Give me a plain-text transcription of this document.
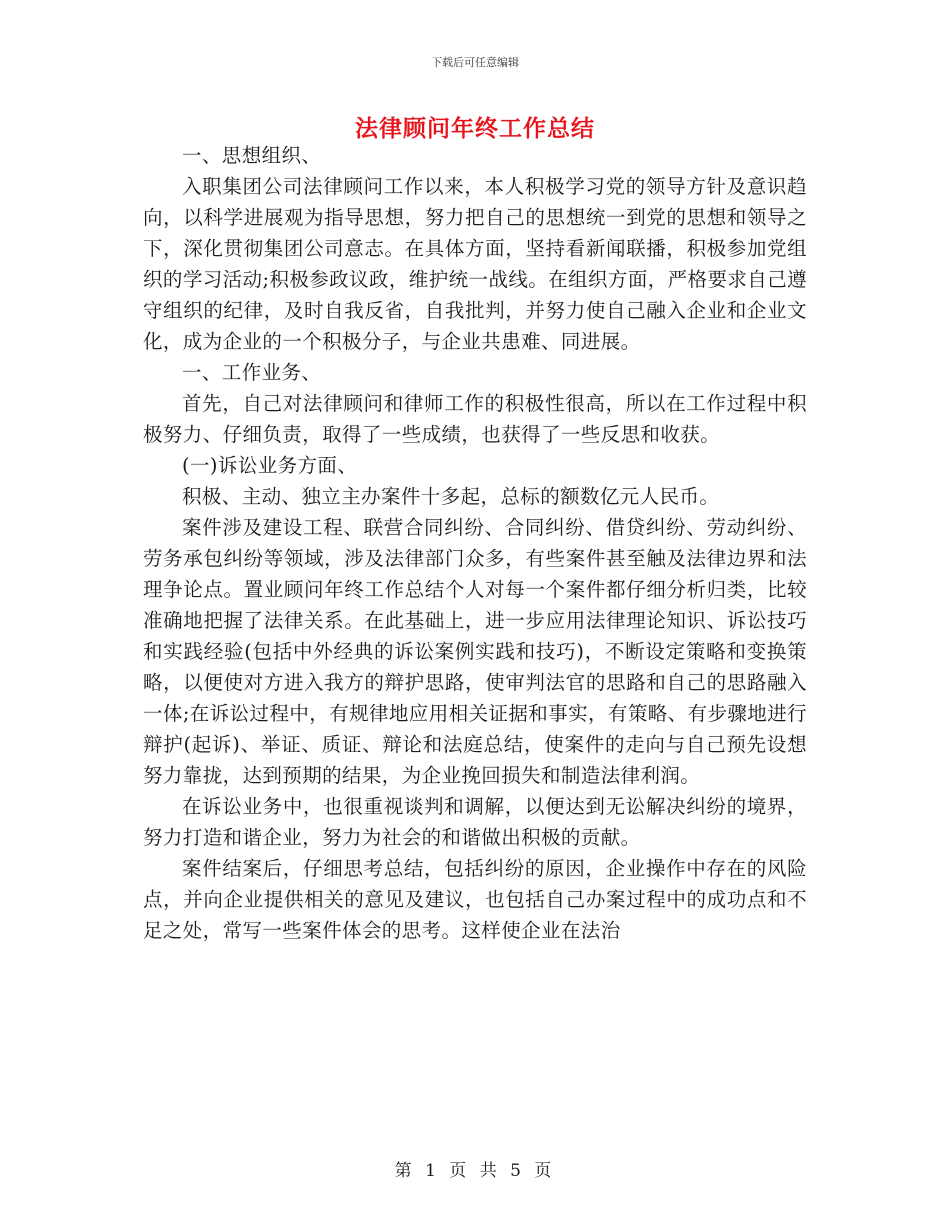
下载后可任意编辑
法律顾问年终工作总结

一、思想组织、

入职集团公司法律顾问工作以来，本人积极学习党的领导方针及意识趋向，以科学进展观为指导思想，努力把自己的思想统一到党的思想和领导之下，深化贯彻集团公司意志。在具体方面，坚持看新闻联播，积极参加党组织的学习活动;积极参政议政，维护统一战线。在组织方面，严格要求自己遵守组织的纪律，及时自我反省，自我批判，并努力使自己融入企业和企业文化，成为企业的一个积极分子，与企业共患难、同进展。

一、工作业务、

首先，自己对法律顾问和律师工作的积极性很高，所以在工作过程中积极努力、仔细负责，取得了一些成绩，也获得了一些反思和收获。

(一)诉讼业务方面、

积极、主动、独立主办案件十多起，总标的额数亿元人民币。

案件涉及建设工程、联营合同纠纷、合同纠纷、借贷纠纷、劳动纠纷、劳务承包纠纷等领域，涉及法律部门众多，有些案件甚至触及法律边界和法理争论点。置业顾问年终工作总结个人对每一个案件都仔细分析归类，比较准确地把握了法律关系。在此基础上，进一步应用法律理论知识、诉讼技巧和实践经验(包括中外经典的诉讼案例实践和技巧)，不断设定策略和变换策略，以便使对方进入我方的辩护思路，使审判法官的思路和自己的思路融入一体;在诉讼过程中，有规律地应用相关证据和事实，有策略、有步骤地进行辩护(起诉)、举证、质证、辩论和法庭总结，使案件的走向与自己预先设想努力靠拢，达到预期的结果，为企业挽回损失和制造法律利润。

在诉讼业务中，也很重视谈判和调解，以便达到无讼解决纠纷的境界，努力打造和谐企业，努力为社会的和谐做出积极的贡献。

案件结案后，仔细思考总结，包括纠纷的原因，企业操作中存在的风险点，并向企业提供相关的意见及建议，也包括自己办案过程中的成功点和不足之处，常写一些案件体会的思考。这样使企业在法治

第 1 页 共 5 页
